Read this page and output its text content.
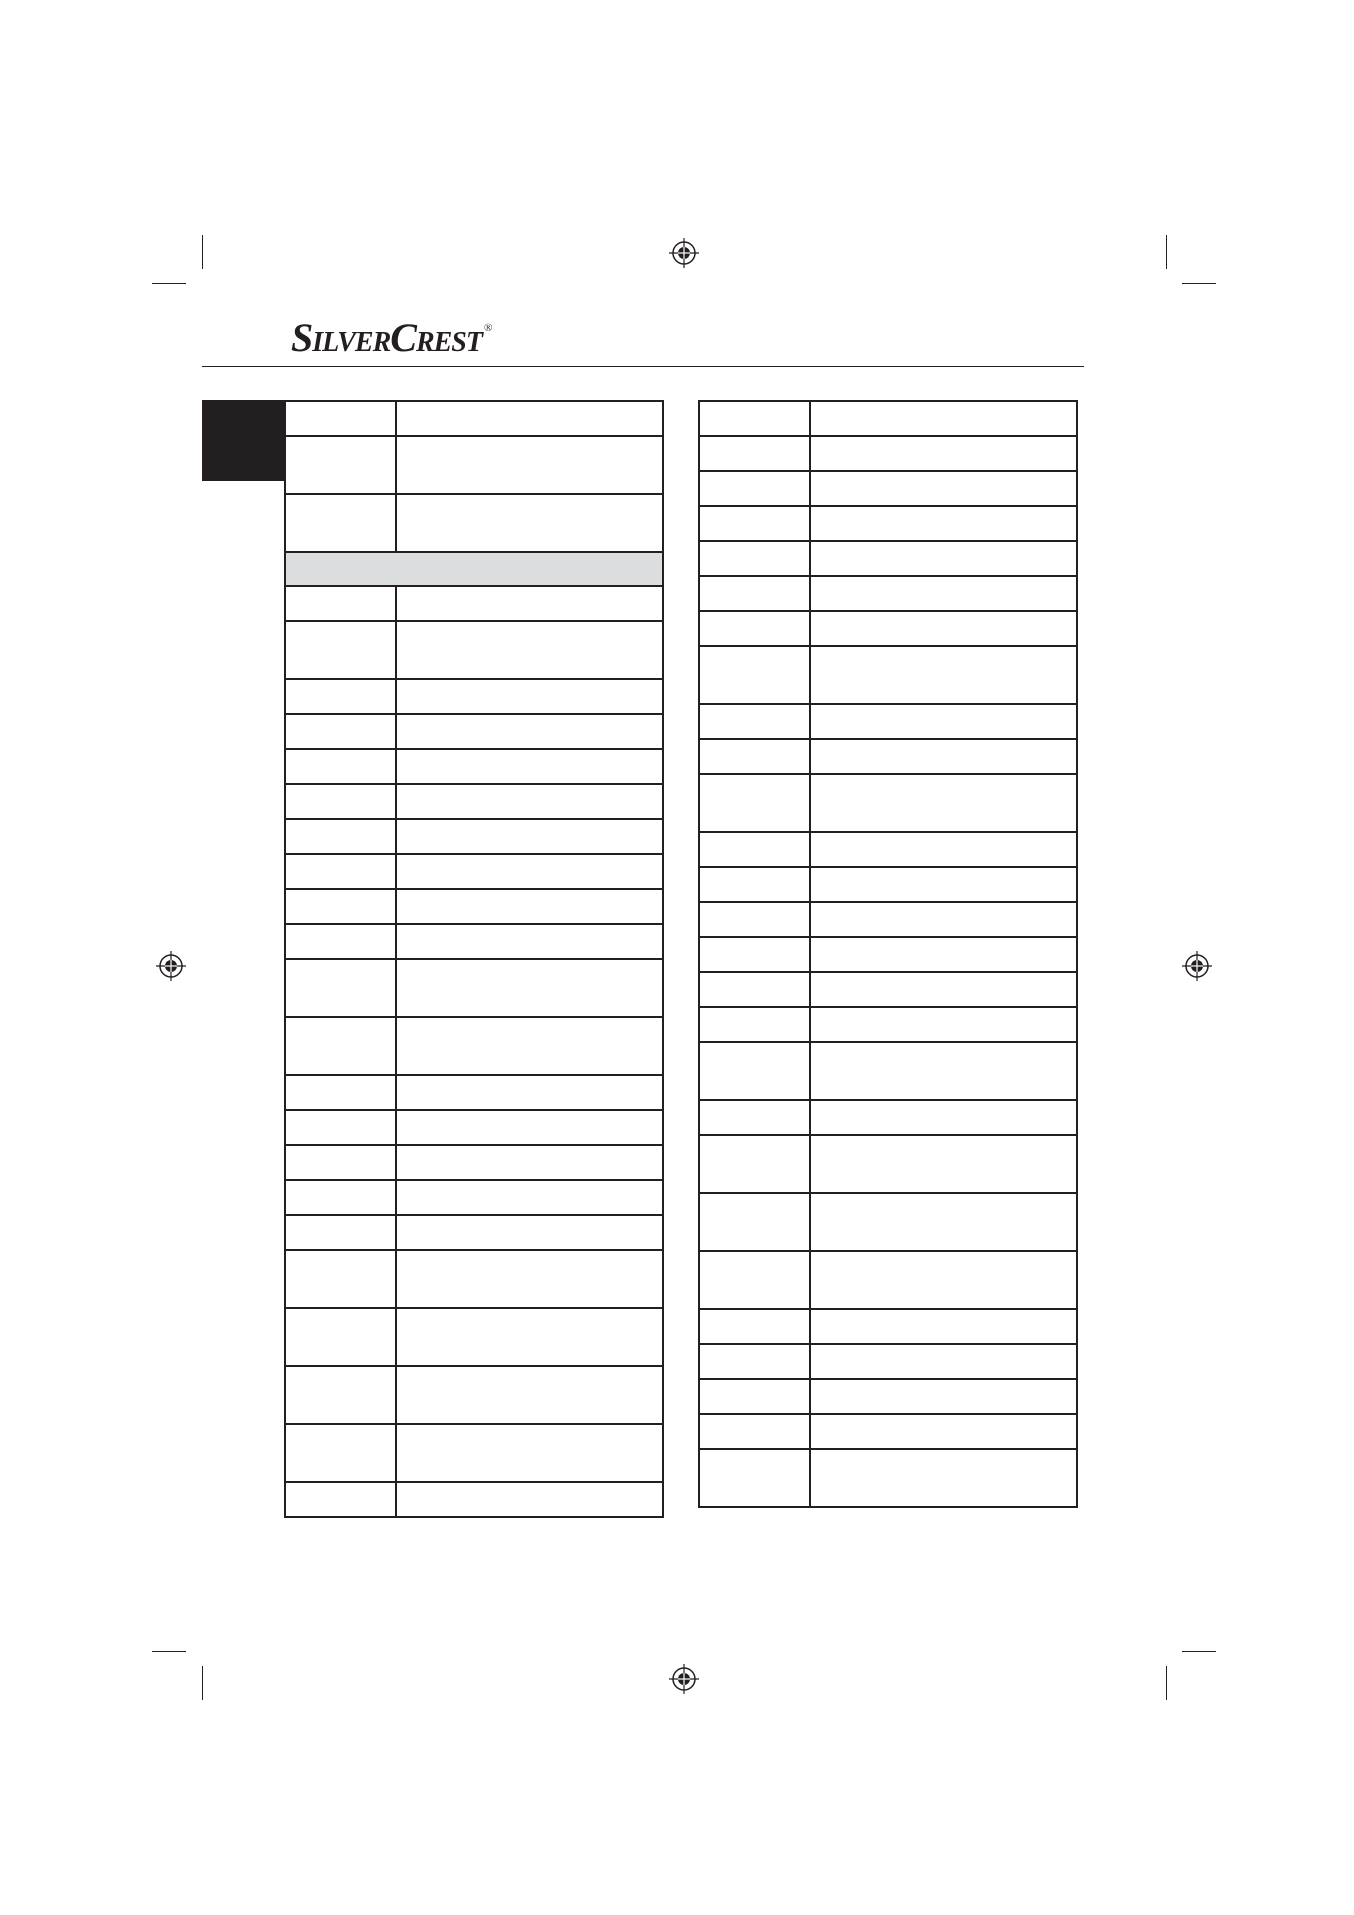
S ILVER C REST ®
